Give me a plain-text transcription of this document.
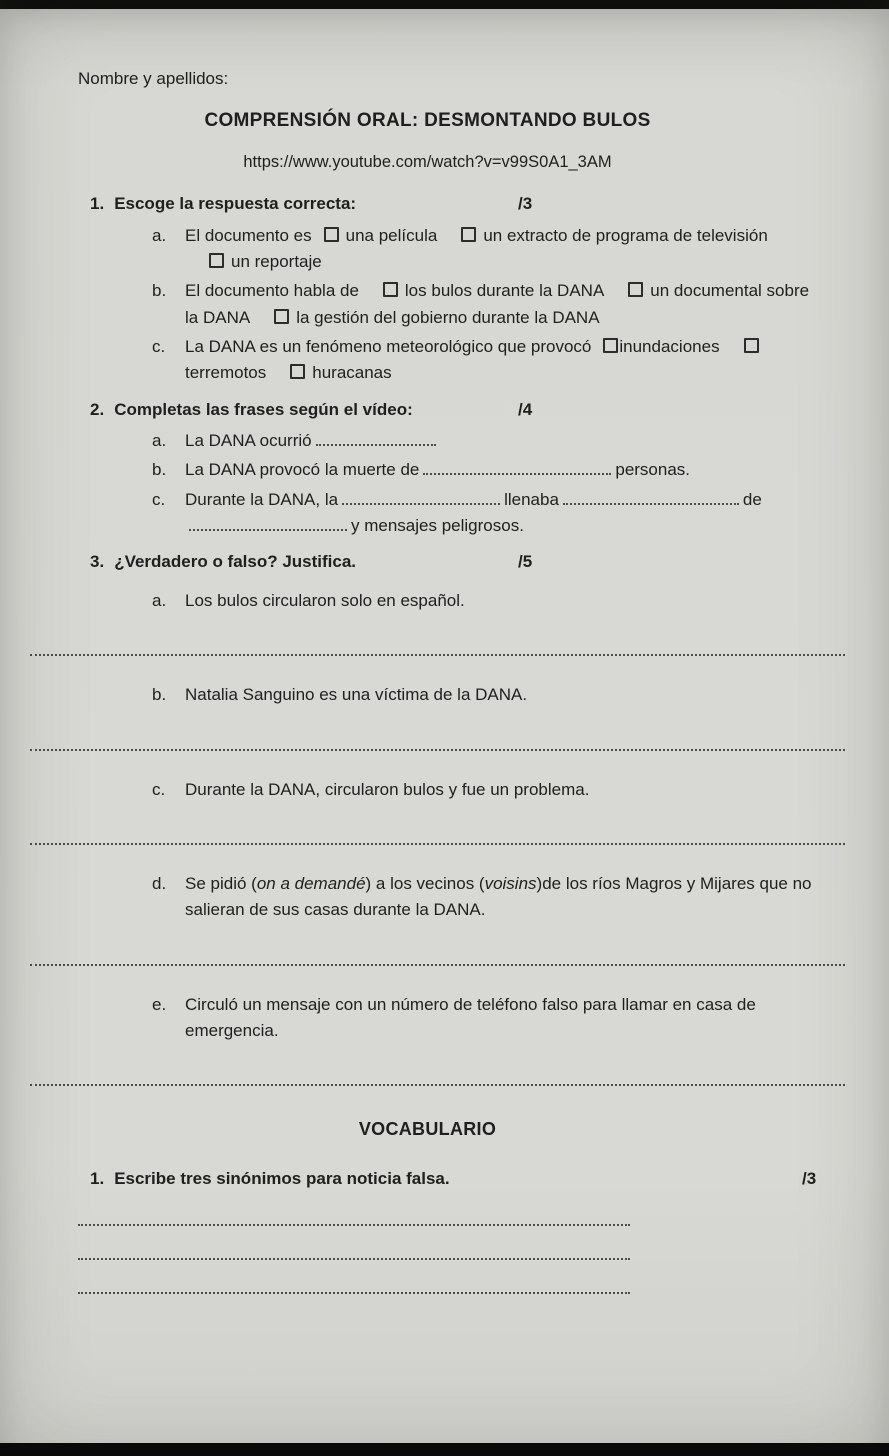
Nombre y apellidos:

COMPRENSIÓN ORAL: DESMONTANDO BULOS

https://www.youtube.com/watch?v=v99S0A1_3AM

1. Escoge la respuesta correcta:	/3
a.	El documento es una película	un extracto de programa de televisiónun reportaje
b.	El documento habla de	los bulos durante la DANA	un documental sobre la DANA	la gestión del gobierno durante la DANA
c.	La DANA es un fenómeno meteorológico que provocó inundacionesterremotos	huracanas
2. Completas las frases según el vídeo:	/4
a.	La DANA ocurrió
b.	La DANA provocó la muerte de	personas.
c.	Durante la DANA, la	llenaba	de y mensajes peligrosos.
3. ¿Verdadero o falso? Justifica.	/5
a.	Los bulos circularon solo en español.
b.	Natalia Sanguino es una víctima de la DANA.
c.	Durante la DANA, circularon bulos y fue un problema.
d.	Se pidió (on a demandé) a los vecinos (voisins)de los ríos Magros y Mijares que no salieran de sus casas durante la DANA.
e.	Circuló un mensaje con un número de teléfono falso para llamar en casa de emergencia.
VOCABULARIO
1. Escribe tres sinónimos para noticia falsa.	/3
